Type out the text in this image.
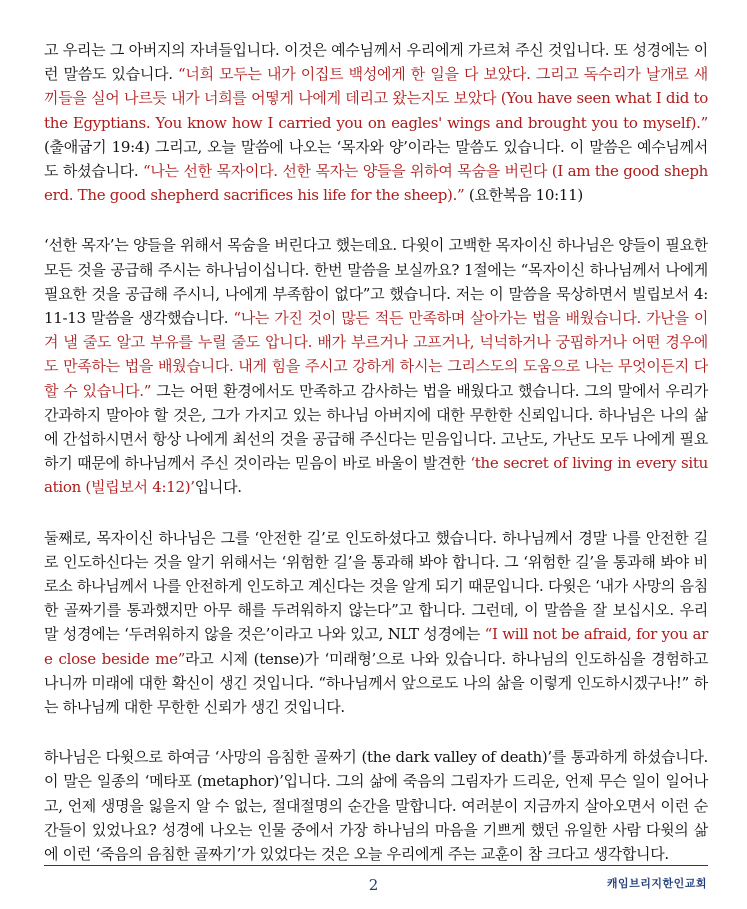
고 우리는 그 아버지의 자녀들입니다. 이것은 예수님께서 우리에게 가르쳐 주신 것입니다. 또 성경에는 이런 말씀도 있습니다. “너희 모두는 내가 이집트 백성에게 한 일을 다 보았다. 그리고 독수리가 날개로 새끼들을 실어 나르듯 내가 너희를 어떻게 나에게 데리고 왔는지도 보았다 (You have seen what I did to the Egyptians. You know how I carried you on eagles' wings and brought you to myself).” (출애굽기 19:4) 그리고, 오늘 말씀에 나오는 ‘목자와 양’이라는 말씀도 있습니다. 이 말씀은 예수님께서도 하셨습니다. “나는 선한 목자이다. 선한 목자는 양들을 위하여 목숨을 버린다 (I am the good shepherd. The good shepherd sacrifices his life for the sheep).” (요한복음 10:11)

‘선한 목자’는 양들을 위해서 목숨을 버린다고 했는데요. 다윗이 고백한 목자이신 하나님은 양들이 필요한 모든 것을 공급해 주시는 하나님이십니다. 한번 말씀을 보실까요? 1절에는 “목자이신 하나님께서 나에게 필요한 것을 공급해 주시니, 나에게 부족함이 없다”고 했습니다. 저는 이 말씀을 묵상하면서 빌립보서 4:11-13 말씀을 생각했습니다. “나는 가진 것이 많든 적든 만족하며 살아가는 법을 배웠습니다. 가난을 이겨 낼 줄도 알고 부유를 누릴 줄도 압니다. 배가 부르거나 고프거나, 넉넉하거나 궁핍하거나 어떤 경우에도 만족하는 법을 배웠습니다. 내게 힘을 주시고 강하게 하시는 그리스도의 도움으로 나는 무엇이든지 다 할 수 있습니다.” 그는 어떤 환경에서도 만족하고 감사하는 법을 배웠다고 했습니다. 그의 말에서 우리가 간과하지 말아야 할 것은, 그가 가지고 있는 하나님 아버지에 대한 무한한 신뢰입니다. 하나님은 나의 삶에 간섭하시면서 항상 나에게 최선의 것을 공급해 주신다는 믿음입니다. 고난도, 가난도 모두 나에게 필요하기 때문에 하나님께서 주신 것이라는 믿음이 바로 바울이 발견한 ‘the secret of living in every situation (빌립보서 4:12)’입니다.

둘째로, 목자이신 하나님은 그를 ‘안전한 길’로 인도하셨다고 했습니다. 하나님께서 경말 나를 안전한 길로 인도하신다는 것을 알기 위해서는 ‘위험한 길’을 통과해 봐야 합니다. 그 ‘위험한 길’을 통과해 봐야 비로소 하나님께서 나를 안전하게 인도하고 계신다는 것을 알게 되기 때문입니다. 다윗은 ‘내가 사망의 음침한 골짜기를 통과했지만 아무 해를 두려워하지 않는다”고 합니다. 그런데, 이 말씀을 잘 보십시오. 우리 말 성경에는 ‘두려워하지 않을 것은’이라고 나와 있고, NLT 성경에는 “I will not be afraid, for you are close beside me”라고 시제 (tense)가 ‘미래형’으로 나와 있습니다. 하나님의 인도하심을 경험하고 나니까 미래에 대한 확신이 생긴 것입니다. “하나님께서 앞으로도 나의 삶을 이렇게 인도하시겠구나!” 하는 하나님께 대한 무한한 신뢰가 생긴 것입니다.

하나님은 다윗으로 하여금 ‘사망의 음침한 골짜기 (the dark valley of death)’를 통과하게 하셨습니다. 이 말은 일종의 ‘메타포 (metaphor)’입니다. 그의 삶에 죽음의 그림자가 드리운, 언제 무슨 일이 일어나고, 언제 생명을 잃을지 알 수 없는, 절대절명의 순간을 말합니다. 여러분이 지금까지 살아오면서 이런 순간들이 있었나요? 성경에 나오는 인물 중에서 가장 하나님의 마음을 기쁘게 했던 유일한 사람 다윗의 삶에 이런 ‘죽음의 음침한 골짜기’가 있었다는 것은 오늘 우리에게 주는 교훈이 참 크다고 생각합니다.

2	캐임브리지한인교회
